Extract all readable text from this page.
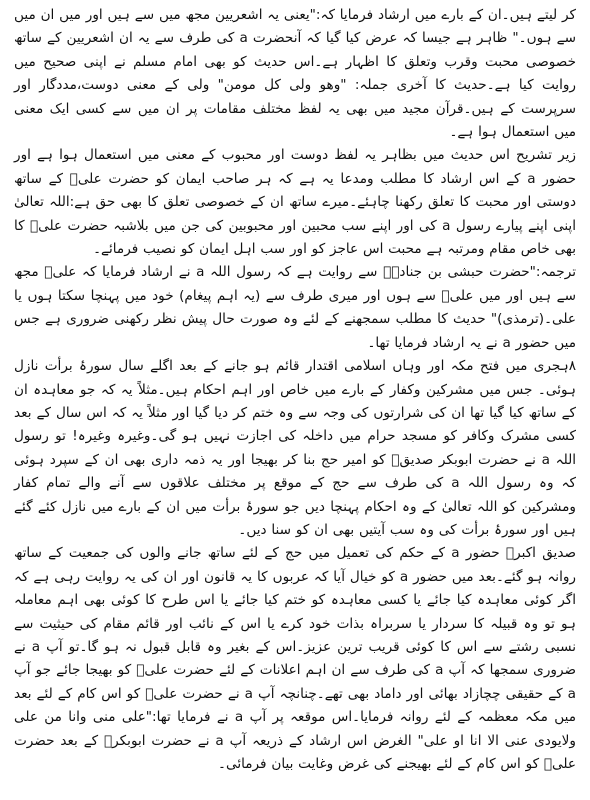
کر لیتے ہیں۔ان کے بارے میں ارشاد فرمایا کہ:"یعنی یہ اشعریین مجھ میں سے ہیں اور میں ان میں سے ہوں۔" ظاہر ہے جیسا کہ عرض کیا گیا کہ آنحضرت a کی طرف سے یہ ان اشعریین کے ساتھ خصوصی محبت وقرب وتعلق کا اظہار ہے۔اس حدیث کو بھی امام مسلم نے اپنی صحیح میں روایت کیا ہے۔حدیث کا آخری جملہ: "وھو ولی کل مومن" ولی کے معنی دوست،مددگار اور سرپرست کے ہیں۔قرآن مجید میں بھی یہ لفظ مختلف مقامات پر ان میں سے کسی ایک معنی میں استعمال ہوا ہے۔

زیر تشریح اس حدیث میں بظاہر یہ لفظ دوست اور محبوب کے معنی میں استعمال ہوا ہے اور حضور a کے اس ارشاد کا مطلب ومدعا یہ ہے کہ ہر صاحب ایمان کو حضرت علیؓ کے ساتھ دوستی اور محبت کا تعلق رکھنا چاہئے۔میرے ساتھ ان کے خصوصی تعلق کا بھی حق ہے:اللہ تعالیٰ اپنی اپنے پیارے رسول a کی اور اپنے سب محبین اور محبوبین کی جن میں بلاشبہ حضرت علیؓ کا بھی خاص مقام ومرتبہ ہے محبت اس عاجز کو اور سب اہل ایمان کو نصیب فرمائے۔

ترجمہ:"حضرت حبشی بن جنادہؓ سے روایت ہے کہ رسول اللہ a نے ارشاد فرمایا کہ علیؓ مجھ سے ہیں اور میں علیؓ سے ہوں اور میری طرف سے (یہ اہم پیغام) خود میں پہنچا سکتا ہوں یا علی۔(ترمذی)" حدیث کا مطلب سمجھنے کے لئے وہ صورت حال پیش نظر رکھنی ضروری ہے جس میں حضور a نے یہ ارشاد فرمایا تھا۔

٨ہجری میں فتح مکہ اور وہاں اسلامی اقتدار قائم ہو جانے کے بعد اگلے سال سورۂ برأت نازل ہوئی۔ جس میں مشرکین وکفار کے بارے میں خاص اور اہم احکام ہیں۔مثلاً یہ کہ جو معاہدہ ان کے ساتھ کیا گیا تھا ان کی شرارتوں کی وجہ سے وہ ختم کر دیا گیا اور مثلاً یہ کہ اس سال کے بعد کسی مشرک وکافر کو مسجد حرام میں داخلہ کی اجازت نہیں ہو گی۔وغیرہ وغیرہ! تو رسول اللہ a نے حضرت ابوبکر صدیقؓ کو امیر حج بنا کر بھیجا اور یہ ذمہ داری بھی ان کے سپرد ہوئی کہ وہ رسول اللہ a کی طرف سے حج کے موقع پر مختلف علاقوں سے آنے والے تمام کفار ومشرکین کو اللہ تعالیٰ کے وہ احکام پہنچا دیں جو سورۂ برأت میں ان کے بارے میں نازل کئے گئے ہیں اور سورۂ برأت کی وہ سب آیتیں بھی ان کو سنا دیں۔

صدیق اکبرؓ حضور a کے حکم کی تعمیل میں حج کے لئے ساتھ جانے والوں کی جمعیت کے ساتھ روانہ ہو گئے۔بعد میں حضور a کو خیال آیا کہ عربوں کا یہ قانون اور ان کی یہ روایت رہی ہے کہ اگر کوئی معاہدہ کیا جائے یا کسی معاہدہ کو ختم کیا جائے یا اس طرح کا کوئی بھی اہم معاملہ ہو تو وہ قبیلہ کا سردار یا سربراہ بذات خود کرے یا اس کے نائب اور قائم مقام کی حیثیت سے نسبی رشتے سے اس کا کوئی قریب ترین عزیز۔اس کے بغیر وہ قابل قبول نہ ہو گا۔تو آپ a نے ضروری سمجھا کہ آپ a کی طرف سے ان اہم اعلانات کے لئے حضرت علیؓ کو بھیجا جائے جو آپ a کے حقیقی چچازاد بھائی اور داماد بھی تھے۔چنانچہ آپ a نے حضرت علیؓ کو اس کام کے لئے بعد میں مکہ معظمہ کے لئے روانہ فرمایا۔اس موقعہ پر آپ a نے فرمایا تھا:"علی منی وانا من علی ولایودی عنی الا انا او علی" الغرض اس ارشاد کے ذریعہ آپ a نے حضرت ابوبکرؓ کے بعد حضرت علیؓ کو اس کام کے لئے بھیجنے کی غرض وغایت بیان فرمائی۔
